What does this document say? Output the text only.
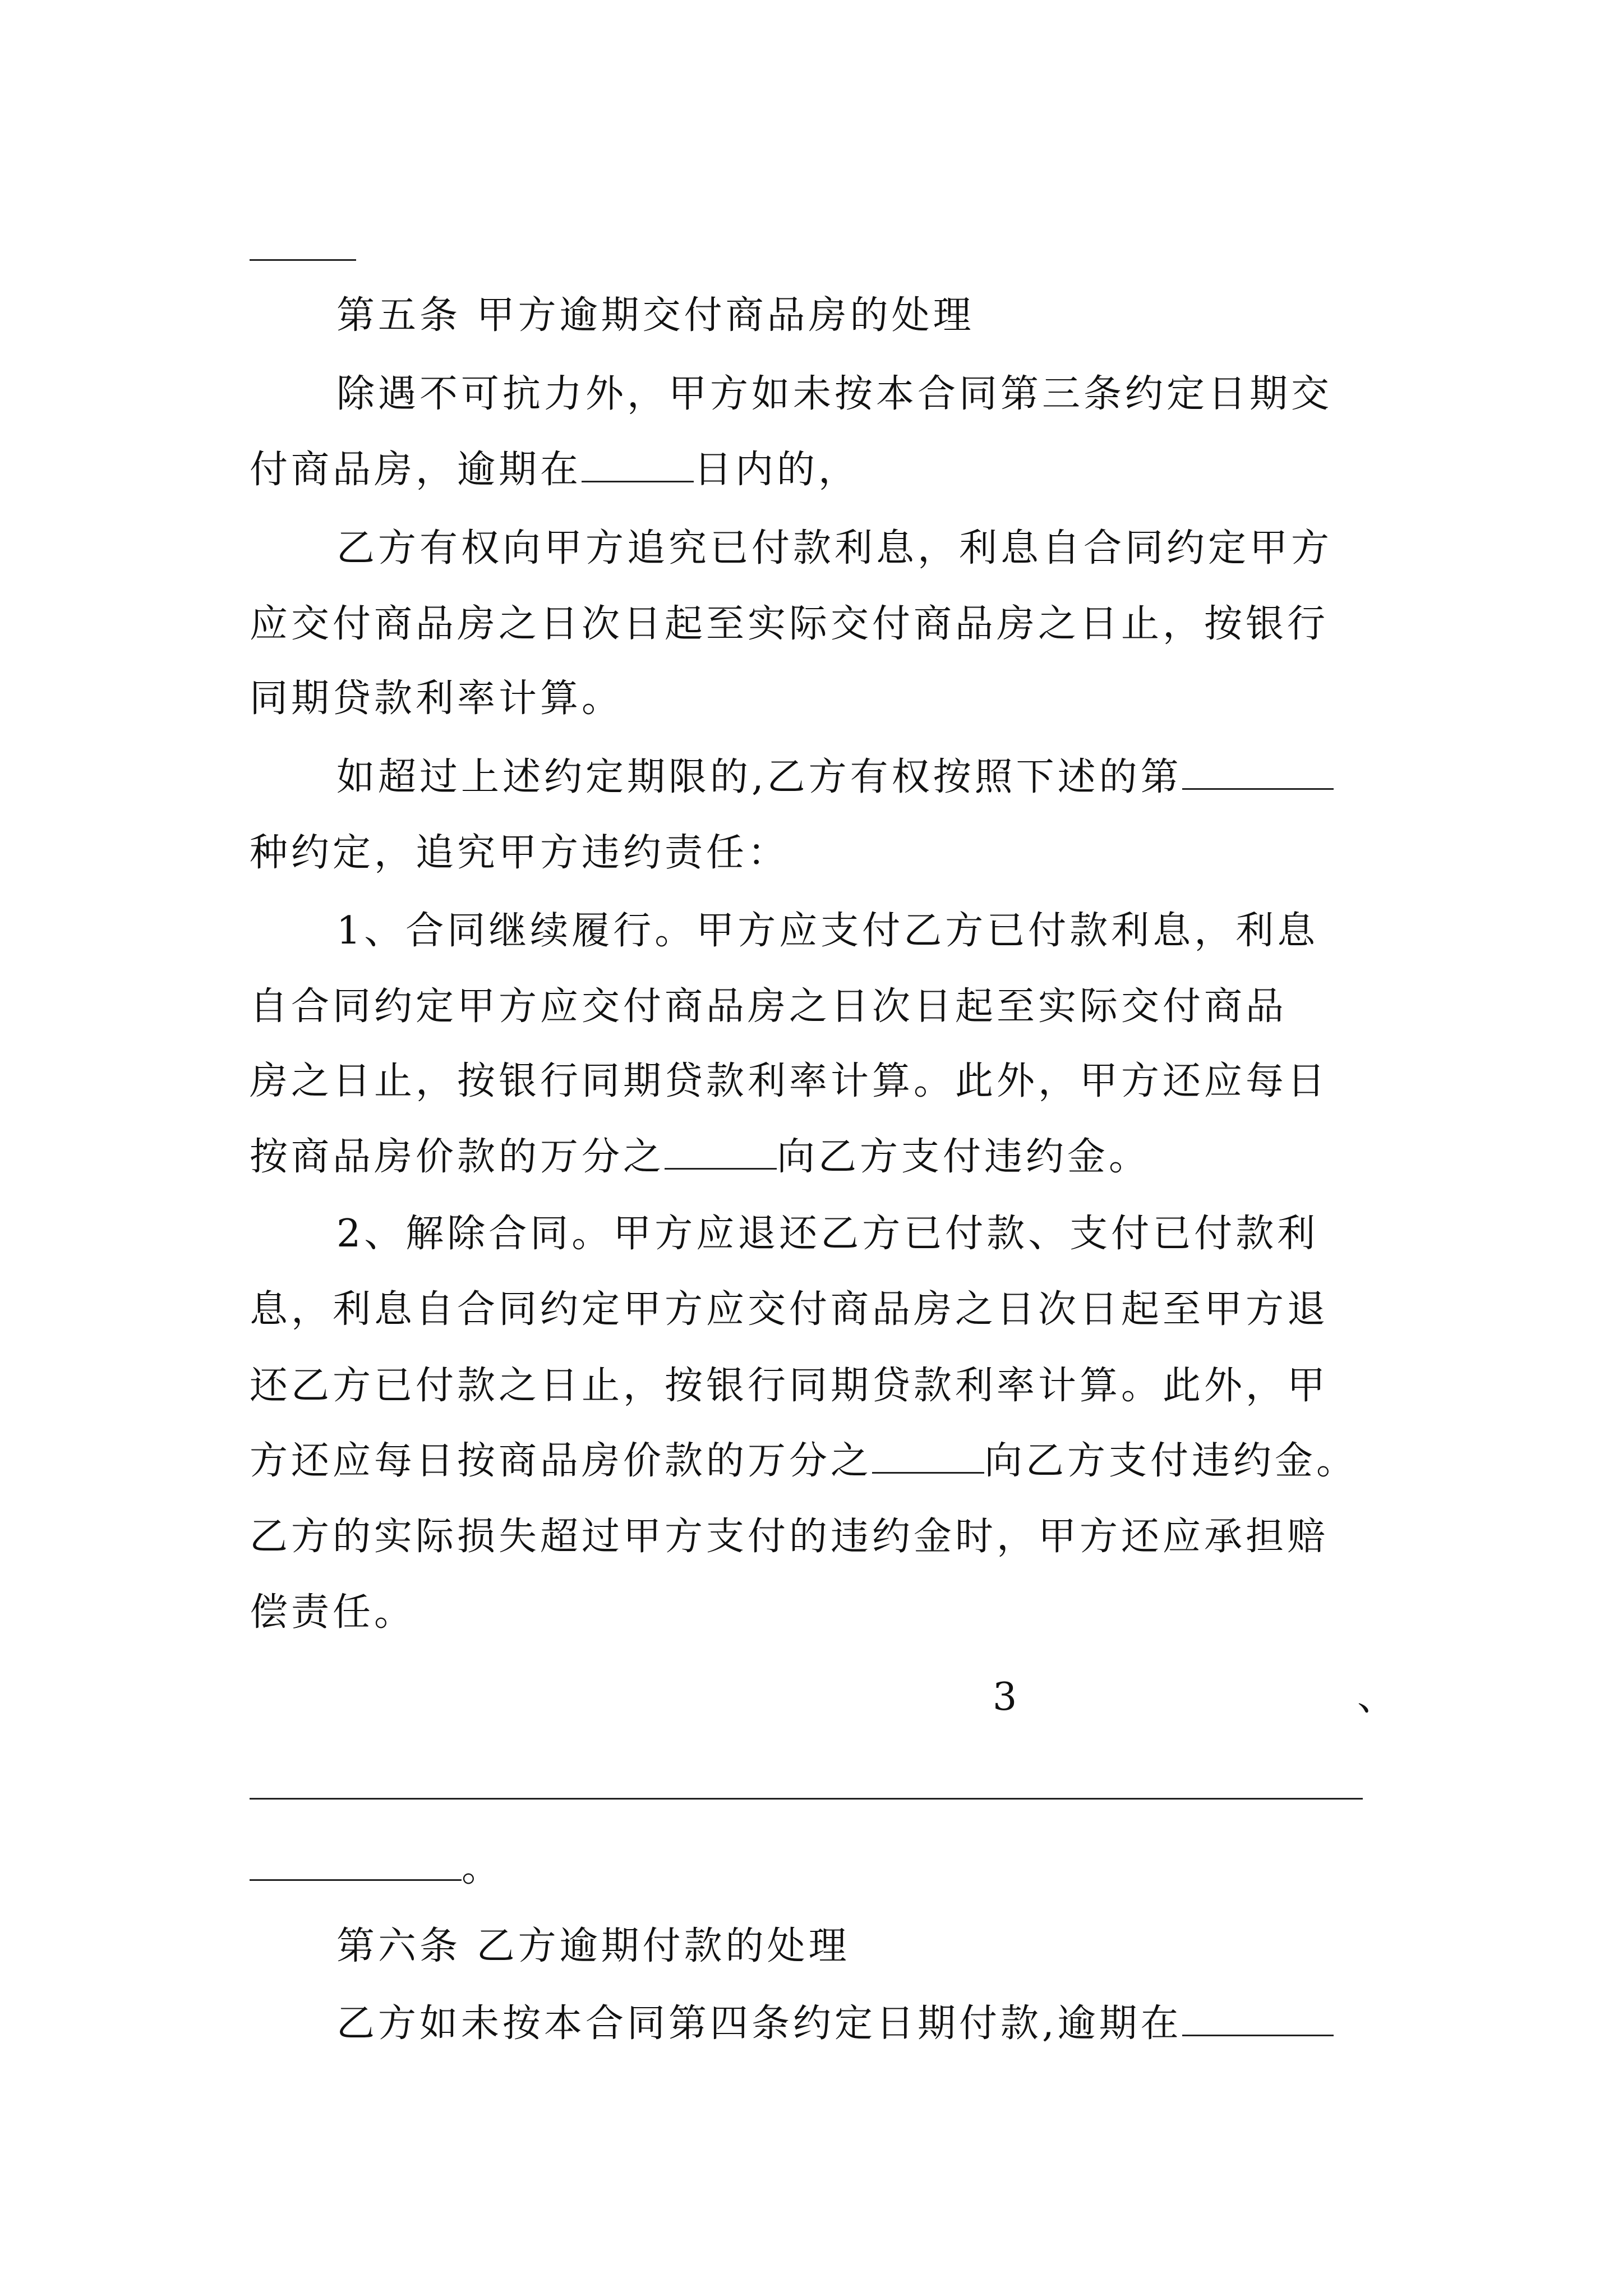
第五条 甲方逾期交付商品房的处理
除遇不可抗力外，甲方如未按本合同第三条约定日期交
付商品房，逾期在	日内的，
乙方有权向甲方追究已付款利息，利息自合同约定甲方
应交付商品房之日次日起至实际交付商品房之日止，按银行
同期贷款利率计算。
如超过上述约定期限的,乙方有权按照下述的第
种约定，追究甲方违约责任：
1、合同继续履行。甲方应支付乙方已付款利息，利息
自合同约定甲方应交付商品房之日次日起至实际交付商品
房之日止，按银行同期贷款利率计算。此外，甲方还应每日
按商品房价款的万分之	向乙方支付违约金。
2、解除合同。甲方应退还乙方已付款、支付已付款利
息，利息自合同约定甲方应交付商品房之日次日起至甲方退
还乙方已付款之日止，按银行同期贷款利率计算。此外，甲
方还应每日按商品房价款的万分之	向乙方支付违约金。
乙方的实际损失超过甲方支付的违约金时，甲方还应承担赔
偿责任。
3	、
。
第六条 乙方逾期付款的处理
乙方如未按本合同第四条约定日期付款,逾期在
